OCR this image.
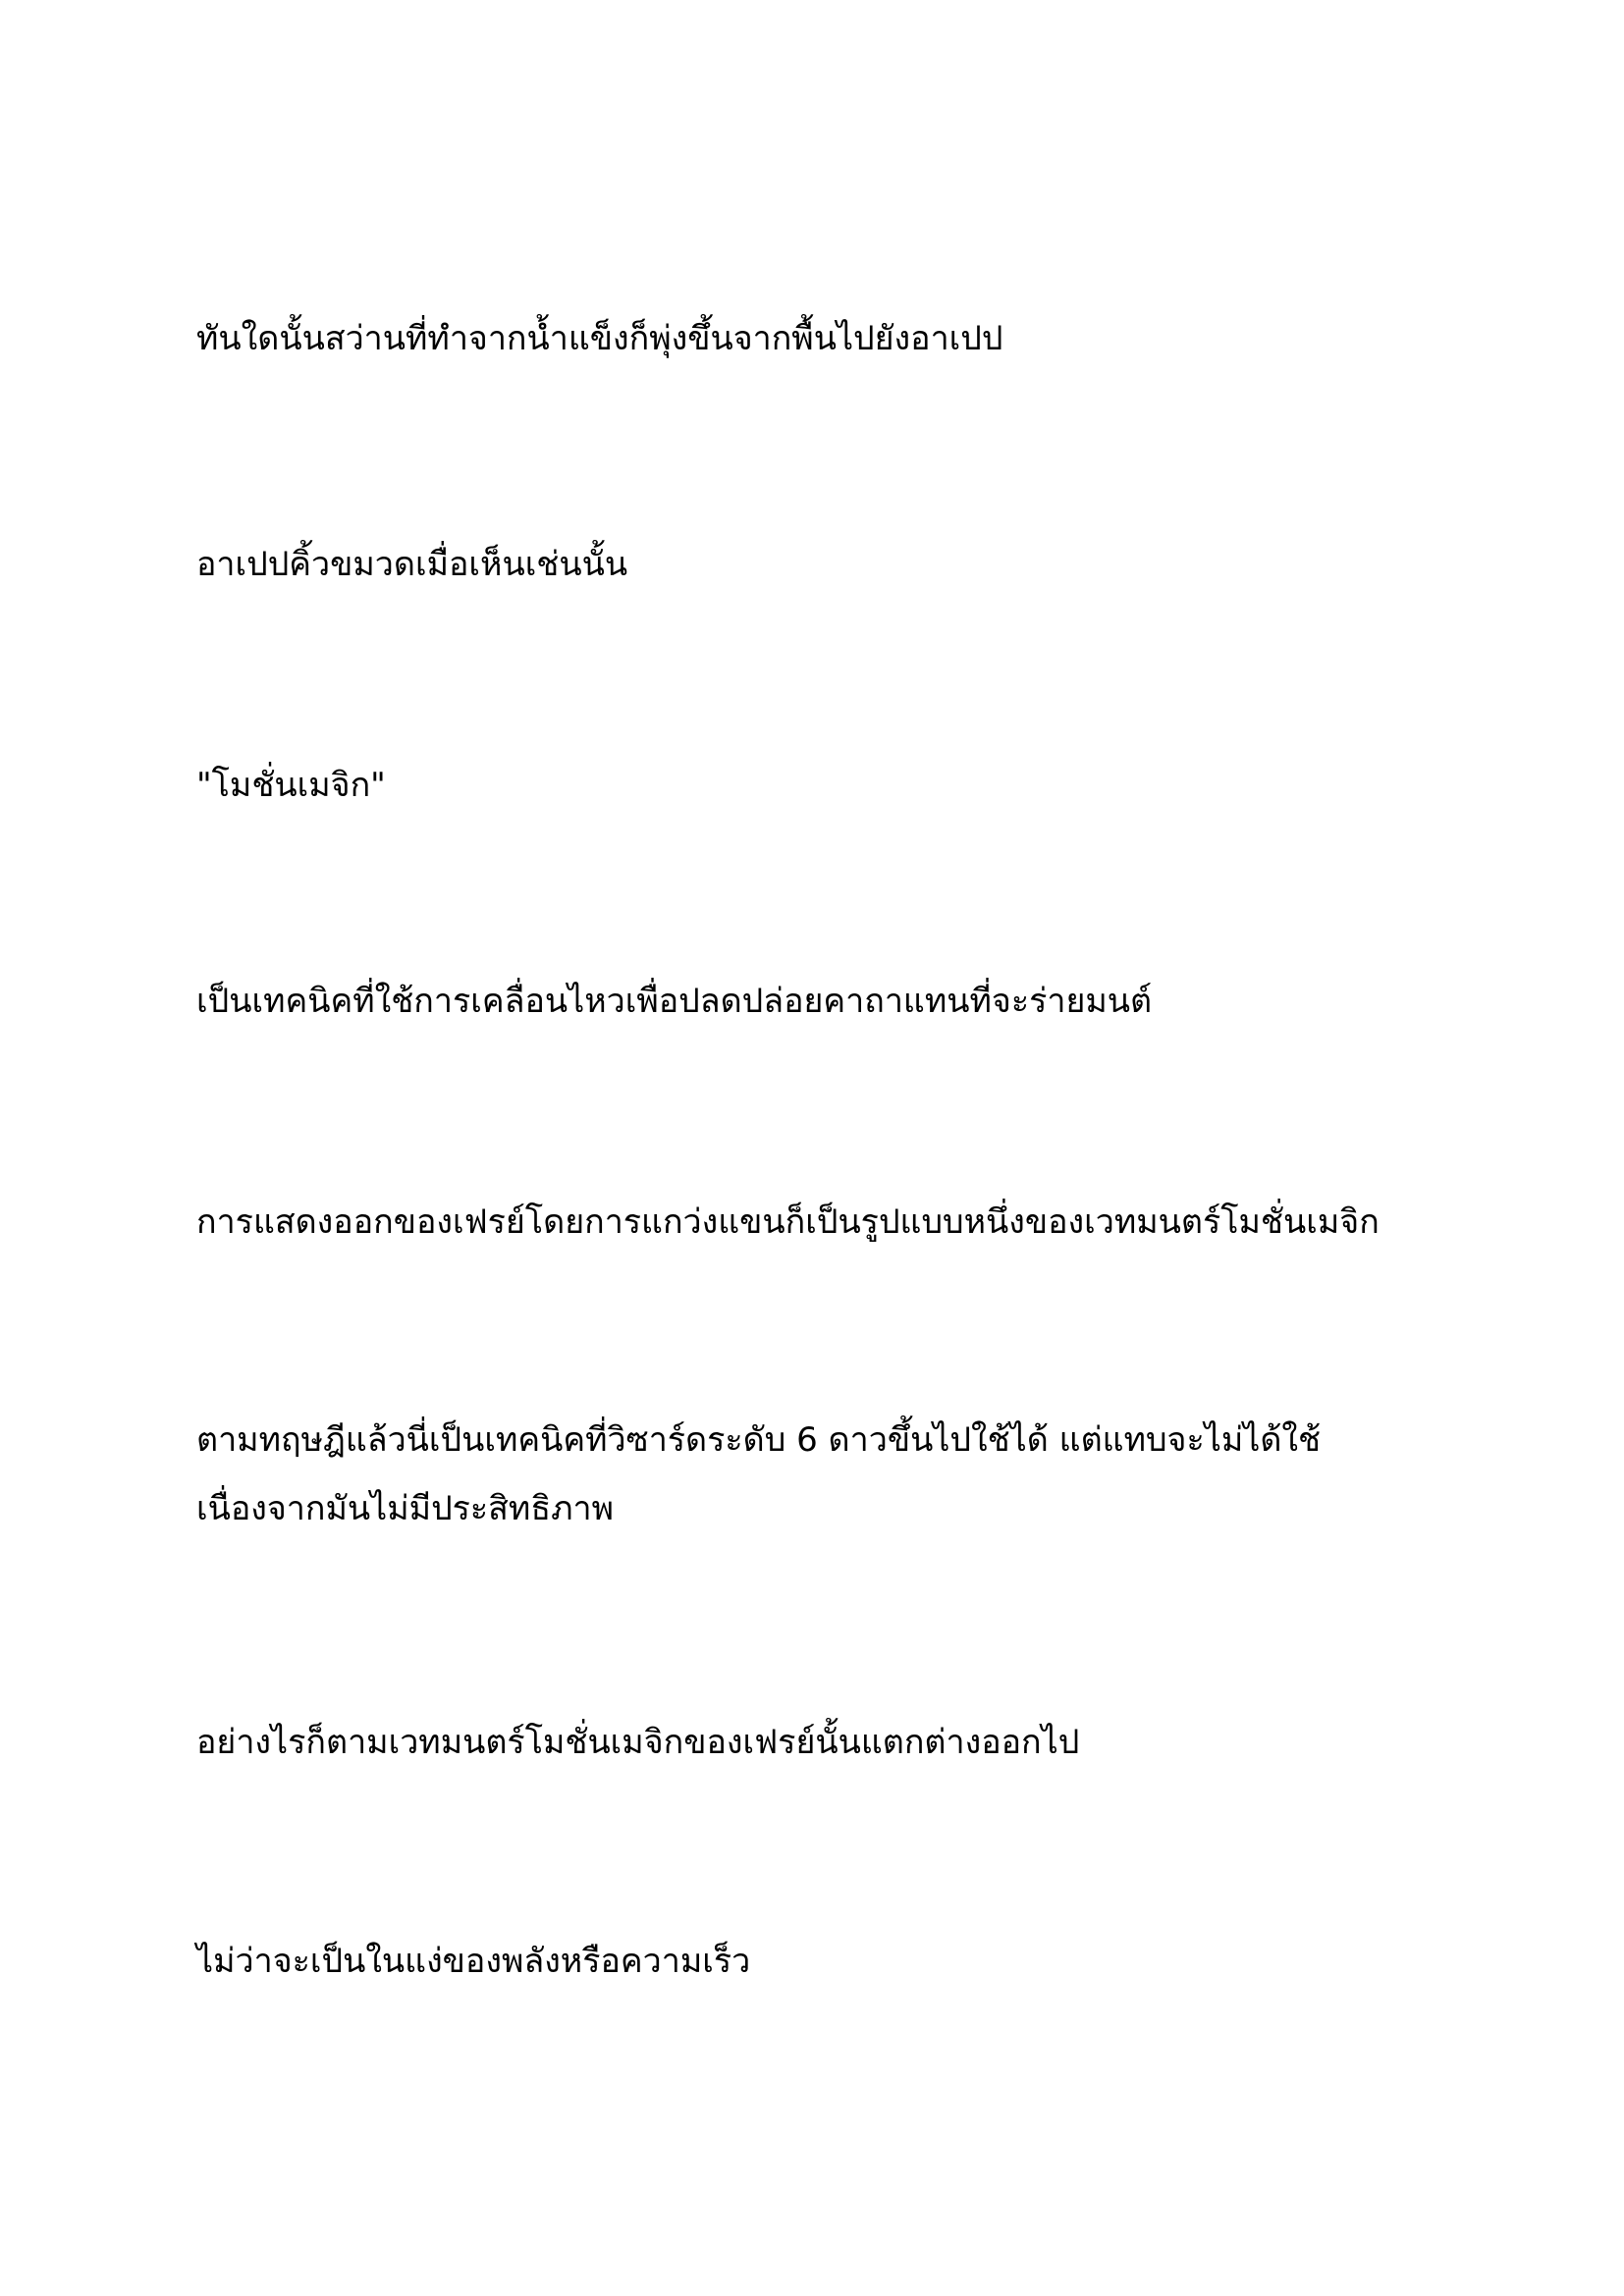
ทันใดนั้นสว่านที่ทำจากน้ำแข็งก็พุ่งขึ้นจากพื้นไปยังอาเปป

อาเปปคิ้วขมวดเมื่อเห็นเช่นนั้น

"โมชั่นเมจิก"

เป็นเทคนิคที่ใช้การเคลื่อนไหวเพื่อปลดปล่อยคาถาแทนที่จะร่ายมนต์

การแสดงออกของเฟรย์โดยการแกว่งแขนก็เป็นรูปแบบหนึ่งของเวทมนตร์โมชั่นเมจิก

ตามทฤษฎีแล้วนี่เป็นเทคนิคที่วิซาร์ดระดับ 6 ดาวขึ้นไปใช้ได้ แต่แทบจะไม่ได้ใช้เนื่องจากมันไม่มีประสิทธิภาพ

อย่างไรก็ตามเวทมนตร์โมชั่นเมจิกของเฟรย์นั้นแตกต่างออกไป

ไม่ว่าจะเป็นในแง่ของพลังหรือความเร็ว
